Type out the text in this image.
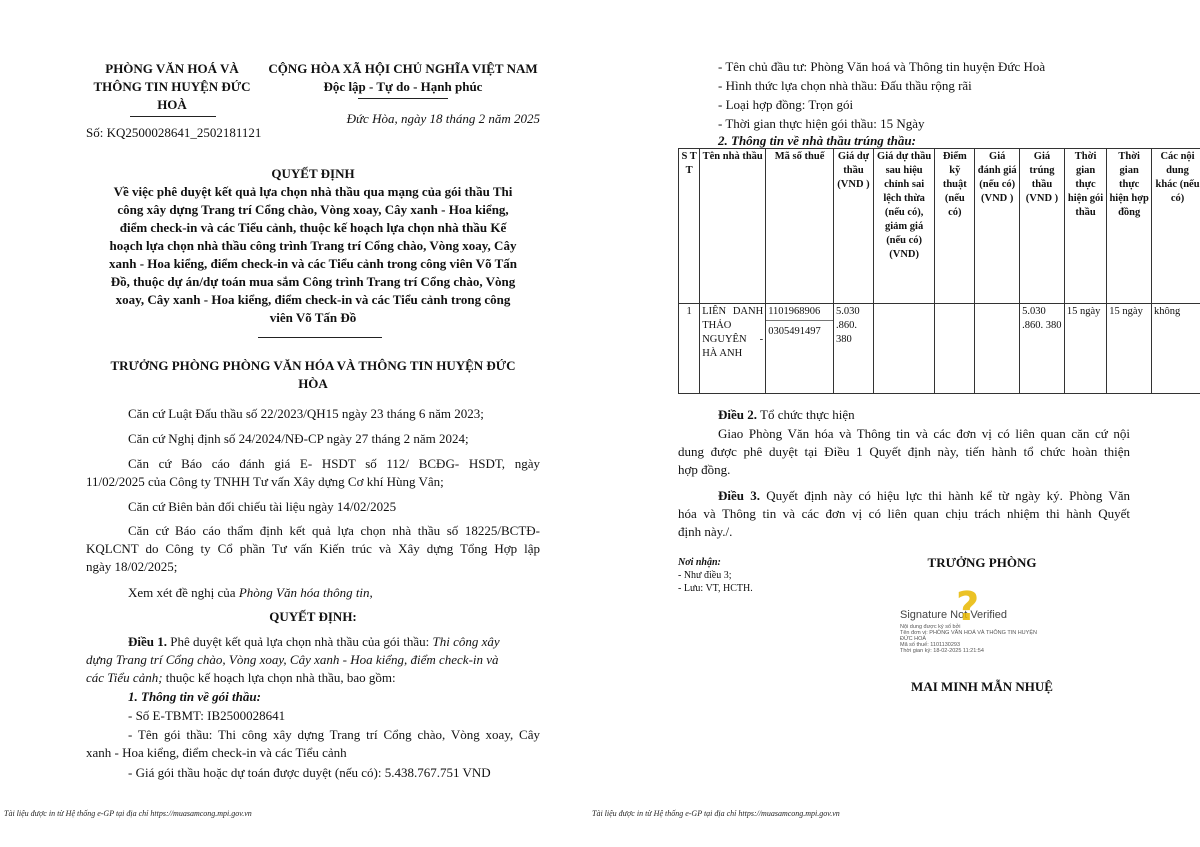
PHÒNG VĂN HOÁ VÀ
THÔNG TIN HUYỆN ĐỨC
HOÀ
Số: KQ2500028641_2502181121
CỘNG HÒA XÃ HỘI CHỦ NGHĨA VIỆT NAM
Độc lập - Tự do - Hạnh phúc
Đức Hòa, ngày 18 tháng 2 năm 2025
QUYẾT ĐỊNH
Về việc phê duyệt kết quả lựa chọn nhà thầu qua mạng của gói thầu Thi
công xây dựng Trang trí Cổng chào, Vòng xoay, Cây xanh - Hoa kiểng,
điểm check-in và các Tiểu cảnh, thuộc kế hoạch lựa chọn nhà thầu Kế
hoạch lựa chọn nhà thầu công trình Trang trí Cổng chào, Vòng xoay, Cây
xanh - Hoa kiểng, điểm check-in và các Tiểu cảnh trong công viên Võ Tấn
Đồ, thuộc dự án/dự toán mua sắm Công trình Trang trí Cổng chào, Vòng
xoay, Cây xanh - Hoa kiểng, điểm check-in và các Tiểu cảnh trong công
viên Võ Tấn Đồ
TRƯỞNG PHÒNG PHÒNG VĂN HÓA VÀ THÔNG TIN HUYỆN ĐỨC
HÒA
Căn cứ Luật Đấu thầu số 22/2023/QH15 ngày 23 tháng 6 năm 2023;
Căn cứ Nghị định số 24/2024/NĐ-CP ngày 27 tháng 2 năm 2024;
Căn cứ Báo cáo đánh giá E- HSDT số 112/ BCĐG- HSDT, ngày
11/02/2025 của Công ty TNHH Tư vấn Xây dựng Cơ khí Hùng Vân;
Căn cứ Biên bản đối chiếu tài liệu ngày 14/02/2025
Căn cứ Báo cáo thẩm định kết quả lựa chọn nhà thầu số 18225/BCTĐ-
KQLCNT do Công ty Cổ phần Tư vấn Kiến trúc và Xây dựng Tổng Hợp lập
ngày 18/02/2025;
Xem xét đề nghị của Phòng Văn hóa thông tin,
QUYẾT ĐỊNH:
Điều 1. Phê duyệt kết quả lựa chọn nhà thầu của gói thầu: Thi công xây
dựng Trang trí Cổng chào, Vòng xoay, Cây xanh - Hoa kiểng, điểm check-in và
các Tiểu cảnh; thuộc kế hoạch lựa chọn nhà thầu, bao gồm:
1. Thông tin về gói thầu:
- Số E-TBMT: IB2500028641
- Tên gói thầu: Thi công xây dựng Trang trí Cổng chào, Vòng xoay, Cây
xanh - Hoa kiểng, điểm check-in và các Tiểu cảnh
- Giá gói thầu hoặc dự toán được duyệt (nếu có): 5.438.767.751 VND
Tài liệu được in từ Hệ thống e-GP tại địa chỉ https://muasamcong.mpi.gov.vn
- Tên chủ đầu tư: Phòng Văn hoá và Thông tin huyện Đức Hoà
- Hình thức lựa chọn nhà thầu: Đấu thầu rộng rãi
- Loại hợp đồng: Trọn gói
- Thời gian thực hiện gói thầu: 15 Ngày
2. Thông tin về nhà thầu trúng thầu:
S T T	Tên nhà thầu	Mã số thuế	Giá dự thầu (VND )	Giá dự thầu sau hiệu chỉnh sai lệch thừa (nếu có), giảm giá (nếu có) (VND)	Điểm kỹ thuật (nếu có)	Giá đánh giá (nếu có) (VND )	Giá trúng thầu (VND )	Thời gian thực hiện gói thầu	Thời gian thực hiện hợp đồng	Các nội dung khác (nếu có)
1	LIÊN DANH THẢO NGUYÊN - HÀ ANH	1101968906
0305491497	5.030 .860. 380				5.030 .860. 380	15 ngày	15 ngày	không
Điều 2. Tổ chức thực hiện
Giao Phòng Văn hóa và Thông tin và các đơn vị có liên quan căn cứ nội
dung được phê duyệt tại Điều 1 Quyết định này, tiến hành tổ chức hoàn thiện
hợp đồng.
Điều 3. Quyết định này có hiệu lực thi hành kể từ ngày ký. Phòng Văn
hóa và Thông tin và các đơn vị có liên quan chịu trách nhiệm thi hành Quyết
định này./.
Nơi nhận:
- Như điều 3;
- Lưu: VT, HCTH.
TRƯỞNG PHÒNG
?
Signature Not Verified
Nội dung được ký số bởi
Tên đơn vị: PHÒNG VĂN HOÁ VÀ THÔNG TIN HUYỆN
ĐỨC HOÀ
Mã số thuế: 1101130293
Thời gian ký: 18-02-2025 11:21:54
MAI MINH MẪN NHUỆ
Tài liệu được in từ Hệ thống e-GP tại địa chỉ https://muasamcong.mpi.gov.vn
